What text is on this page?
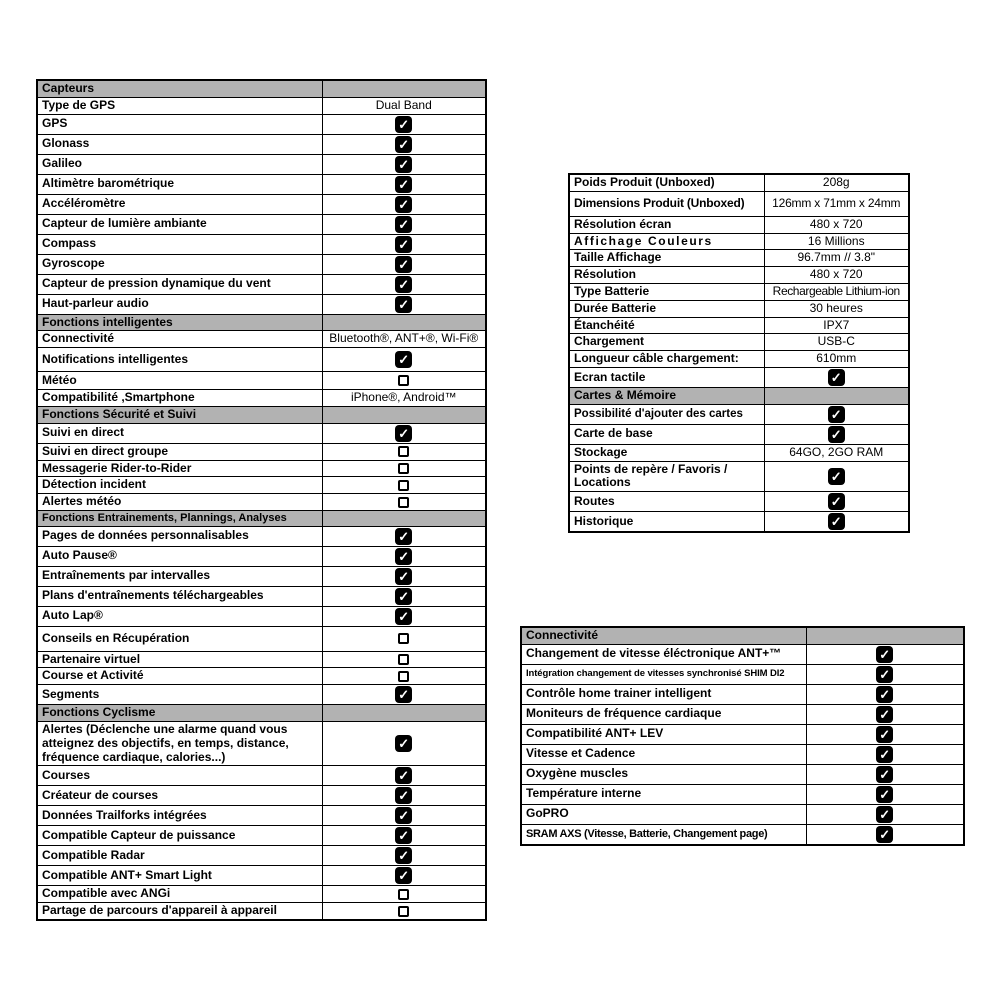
Capteurs	
Type de GPS	Dual Band
GPS	✓
Glonass	✓
Galileo	✓
Altimètre barométrique	✓
Accéléromètre	✓
Capteur de lumière ambiante	✓
Compass	✓
Gyroscope	✓
Capteur de pression dynamique du vent	✓
Haut-parleur audio	✓
Fonctions intelligentes	
Connectivité	Bluetooth®, ANT+®, Wi-Fi®
Notifications intelligentes	✓
Météo	
Compatibilité ,Smartphone	iPhone®, Android™
Fonctions Sécurité et Suivi	
Suivi en direct	✓
Suivi en direct groupe	
Messagerie Rider-to-Rider	
Détection incident	
Alertes météo	
Fonctions Entrainements, Plannings, Analyses	
Pages de données personnalisables	✓
Auto Pause®	✓
Entraînements par intervalles	✓
Plans d'entraînements téléchargeables	✓
Auto Lap®	✓
Conseils en Récupération	
Partenaire virtuel	
Course et Activité	
Segments	✓
Fonctions Cyclisme	
Alertes (Déclenche une alarme quand vous atteignez des objectifs, en temps, distance, fréquence cardiaque, calories...)	✓
Courses	✓
Créateur de courses	✓
Données Trailforks intégrées	✓
Compatible Capteur de puissance	✓
Compatible Radar	✓
Compatible ANT+ Smart Light	✓
Compatible avec ANGi	
Partage de parcours d'appareil à appareil	
Poids Produit (Unboxed)	208g
Dimensions Produit (Unboxed)	126mm x 71mm x 24mm
Résolution écran	480 x 720
Affichage Couleurs	16 Millions
Taille Affichage	96.7mm // 3.8"
Résolution	480 x 720
Type Batterie	Rechargeable Lithium-ion
Durée Batterie	30 heures
Étanchéité	IPX7
Chargement	USB-C
Longueur câble chargement:	610mm
Ecran tactile	✓
Cartes & Mémoire	
Possibilité d'ajouter des cartes	✓
Carte de base	✓
Stockage	64GO, 2GO RAM
Points de repère / Favoris / Locations	✓
Routes	✓
Historique	✓
Connectivité	
Changement de vitesse éléctronique ANT+™	✓
Intégration changement de vitesses synchronisé SHIM DI2	✓
Contrôle home trainer intelligent	✓
Moniteurs de fréquence cardiaque	✓
Compatibilité ANT+ LEV	✓
Vitesse et Cadence	✓
Oxygène muscles	✓
Température interne	✓
GoPRO	✓
SRAM AXS (Vitesse, Batterie, Changement page)	✓
